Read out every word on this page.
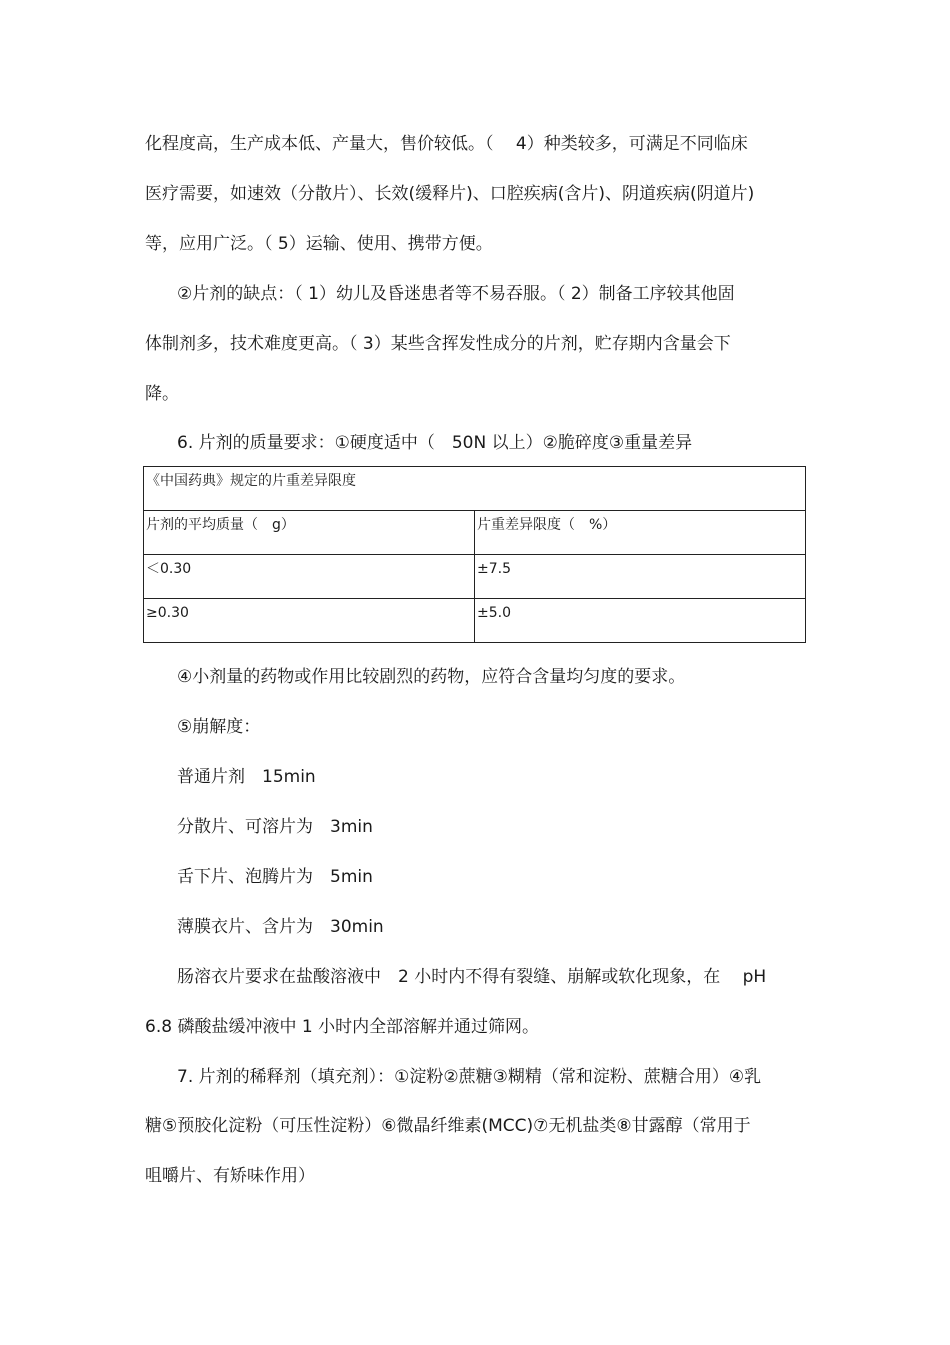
化程度高，生产成本低、产量大，售价较低。（　 4）种类较多，可满足不同临床
医疗需要，如速效（分散片）、长效(缓释片)、口腔疾病(含片)、阴道疾病(阴道片)
等，应用广泛。（ 5）运输、使用、携带方便。
②片剂的缺点：（ 1）幼儿及昏迷患者等不易吞服。（ 2）制备工序较其他固
体制剂多，技术难度更高。（ 3）某些含挥发性成分的片剂，贮存期内含量会下
降。
6. 片剂的质量要求：①硬度适中（　50N 以上）②脆碎度③重量差异
《中国药典》规定的片重差异限度	
片剂的平均质量（　g）	片重差异限度（　%）
＜0.30	±7.5
≥0.30	±5.0
④小剂量的药物或作用比较剧烈的药物，应符合含量均匀度的要求。
⑤崩解度：
普通片剂　15min
分散片、可溶片为　3min
舌下片、泡腾片为　5min
薄膜衣片、含片为　30min
肠溶衣片要求在盐酸溶液中　2 小时内不得有裂缝、崩解或软化现象，在　 pH
6.8 磷酸盐缓冲液中 1 小时内全部溶解并通过筛网。
7. 片剂的稀释剂（填充剂）：①淀粉②蔗糖③糊精（常和淀粉、蔗糖合用）④乳
糖⑤预胶化淀粉（可压性淀粉）⑥微晶纤维素(MCC)⑦无机盐类⑧甘露醇（常用于
咀嚼片、有矫味作用）
